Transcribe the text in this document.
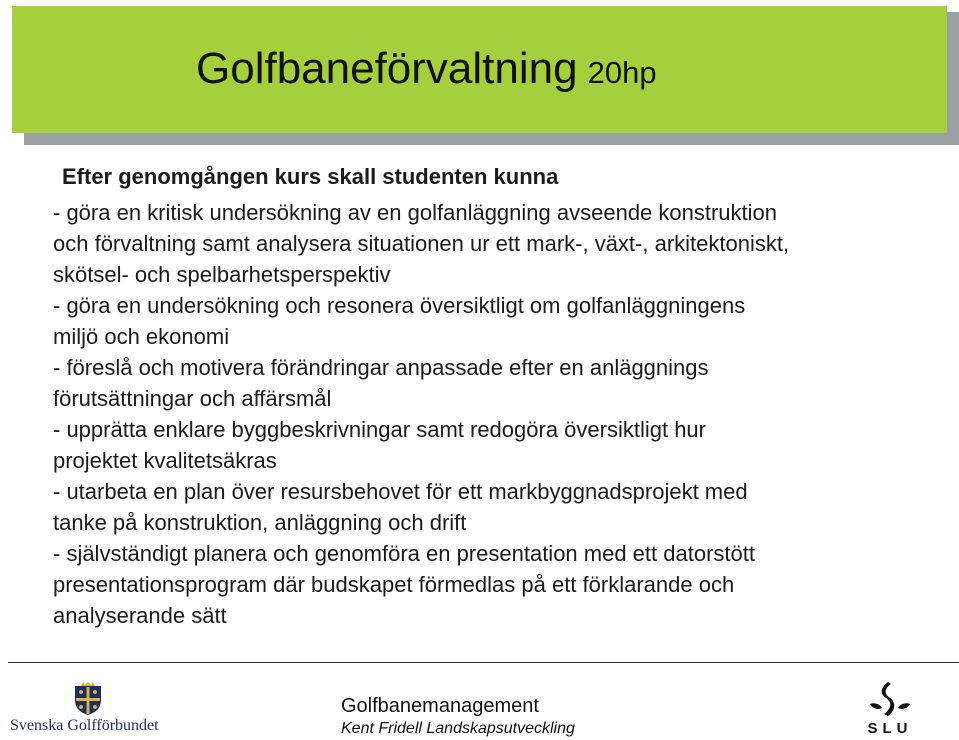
Golfbaneförvaltning 20hp
Efter genomgången kurs skall studenten kunna
- göra en kritisk undersökning av en golfanläggning avseende konstruktion
och förvaltning samt analysera situationen ur ett mark-, växt-, arkitektoniskt,
skötsel- och spelbarhetsperspektiv
- göra en undersökning och resonera översiktligt om golfanläggningens
miljö och ekonomi
- föreslå och motivera förändringar anpassade efter en anläggnings
förutsättningar och affärsmål
- upprätta enklare byggbeskrivningar samt redogöra översiktligt hur
projektet kvalitetsäkras
- utarbeta en plan över resursbehovet för ett markbyggnadsprojekt med
tanke på konstruktion, anläggning och drift
- självständigt planera och genomföra en presentation med ett datorstött
presentationsprogram där budskapet förmedlas på ett förklarande och
analyserande sätt
Svenska Golfförbundet
Golfbanemanagement
Kent Fridell Landskapsutveckling	SLU
